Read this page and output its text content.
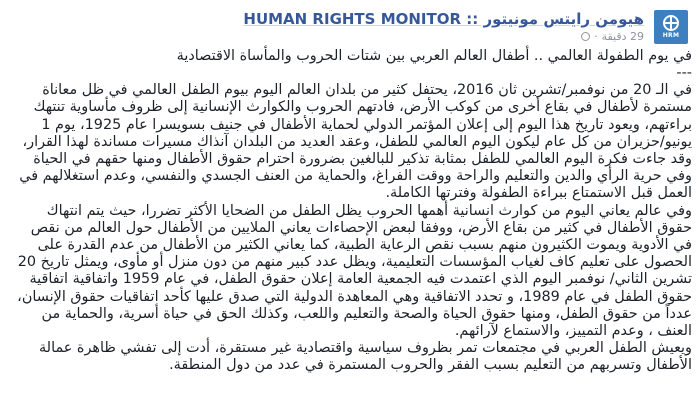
HRM
هيومن رايتس مونيتور :: HUMAN RIGHTS MONITOR
29 دقيقة
·

في يوم الطفولة العالمي .. أطفال العالم العربي بين شتات الحروب والمأساة الاقتصادية

---

في الـ 20 من نوفمبر/تشرين ثان 2016، يحتفل كثير من بلدان العالم اليوم بيوم الطفل العالمي في ظل معاناة مستمرة لأطفال في بقاع أخرى من كوكب الأرض، فادتهم الحروب والكوارث الإنسانية إلى ظروف مأساوية تنتهك براءتهم، ويعود تاريخ هذا اليوم إلى إعلان المؤتمر الدولي لحماية الأطفال في جنيف بسويسرا عام 1925، يوم 1 يونيو/حزيران من كل عام ليكون اليوم العالمي للطفل، وعقد العديد من البلدان آنذاك مسيرات مساندة لهذا القرار، وقد جاءت فكرة اليوم العالمي للطفل بمثابة تذكير للبالغين بضرورة احترام حقوق الأطفال ومنها حقهم في الحياة وفي حرية الرأي والدين والتعليم والراحة ووقت الفراغ، والحماية من العنف الجسدي والنفسي، وعدم استغلالهم في العمل قبل الاستمتاع ببراءة الطفولة وفترتها الكاملة.

وفي عالم يعاني اليوم من كوارث انسانية أهمها الحروب يظل الطفل من الضحايا الأكثر تضررا، حيث يتم انتهاك حقوق الأطفال في كثير من بقاع الأرض، ووفقا لبعض الإحصاءات يعاني الملايين من الأطفال حول العالم من نقص في الأدوية ويموت الكثيرون منهم بسبب نقص الرعاية الطبية، كما يعاني الكثير من الأطفال من عدم القدرة على الحصول على تعليم كاف لغياب المؤسسات التعليمية، ويظل عدد كبير منهم من دون منزل أو مأوى، ويمثل تاريخ 20 تشرين الثاني/ نوفمبر اليوم الذي اعتمدت فيه الجمعية العامة إعلان حقوق الطفل، في عام 1959 واتفاقية اتفاقية حقوق الطفل في عام 1989، و تحدد الاتفاقية وهي المعاهدة الدولية التي صدق عليها كأحد اتفاقيات حقوق الإنسان، عدداً من حقوق الطفل، ومنها حقوق الحياة والصحة والتعليم واللعب، وكذلك الحق في حياة أسرية، والحماية من العنف ، وعدم التمييز، والاستماع لآرائهم.

ويعيش الطفل العربي في مجتمعات تمر بظروف سياسية واقتصادية غير مستقرة، أدت إلى تفشي ظاهرة عمالة الأطفال وتسربهم من التعليم بسبب الفقر والحروب المستمرة في عدد من دول المنطقة.
